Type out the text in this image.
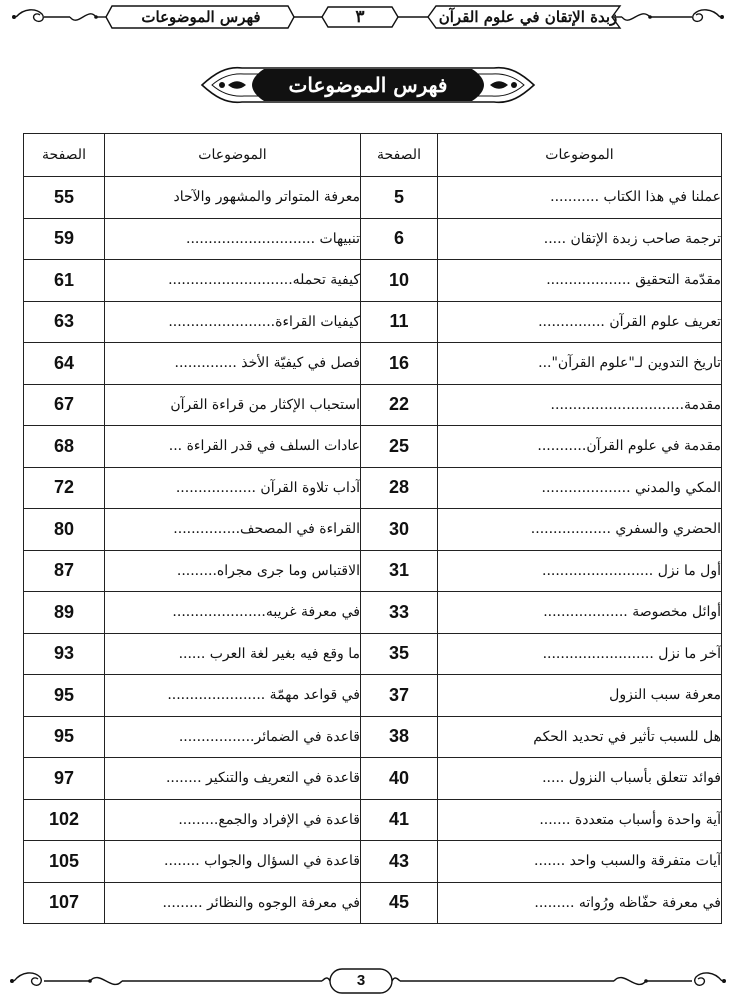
زبدة الإتقان في علوم القرآن
٣
فهرس الموضوعات
فهرس الموضوعات
الموضوعات	الصفحة	الموضوعات	الصفحة
عملنا في هذا الكتاب ...........	5	معرفة المتواتر والمشهور والآحاد	55
ترجمة صاحب زبدة الإتقان .....	6	تنبيهات .............................	59
مقدّمة التحقيق ...................	10	كيفية تحمله............................	61
تعريف علوم القرآن ...............	11	كيفيات القراءة........................	63
تاريخ التدوين لـ"علوم القرآن"...	16	فصل في كيفيّة الأخذ ..............	64
مقدمة..............................	22	استحباب الإكثار من قراءة القرآن	67
مقدمة في علوم القرآن...........	25	عادات السلف في قدر القراءة ...	68
المكي والمدني ....................	28	آداب تلاوة القرآن ..................	72
الحضري والسفري ..................	30	القراءة في المصحف...............	80
أول ما نزل .........................	31	الاقتباس وما جرى مجراه.........	87
أوائل مخصوصة ...................	33	في معرفة غريبه.....................	89
آخر ما نزل .........................	35	ما وقع فيه بغير لغة العرب ......	93
معرفة سبب النزول	37	في قواعد مهمّة ......................	95
هل للسبب تأثير في تحديد الحكم	38	قاعدة في الضمائر.................	95
فوائد تتعلق بأسباب النزول .....	40	قاعدة في التعريف والتنكير ........	97
آية واحدة وأسباب متعددة .......	41	قاعدة في الإفراد والجمع.........	102
آيات متفرقة والسبب واحد .......	43	قاعدة في السؤال والجواب ........	105
في معرفة حفّاظه ورُواته .........	45	في معرفة الوجوه والنظائر .........	107
3
